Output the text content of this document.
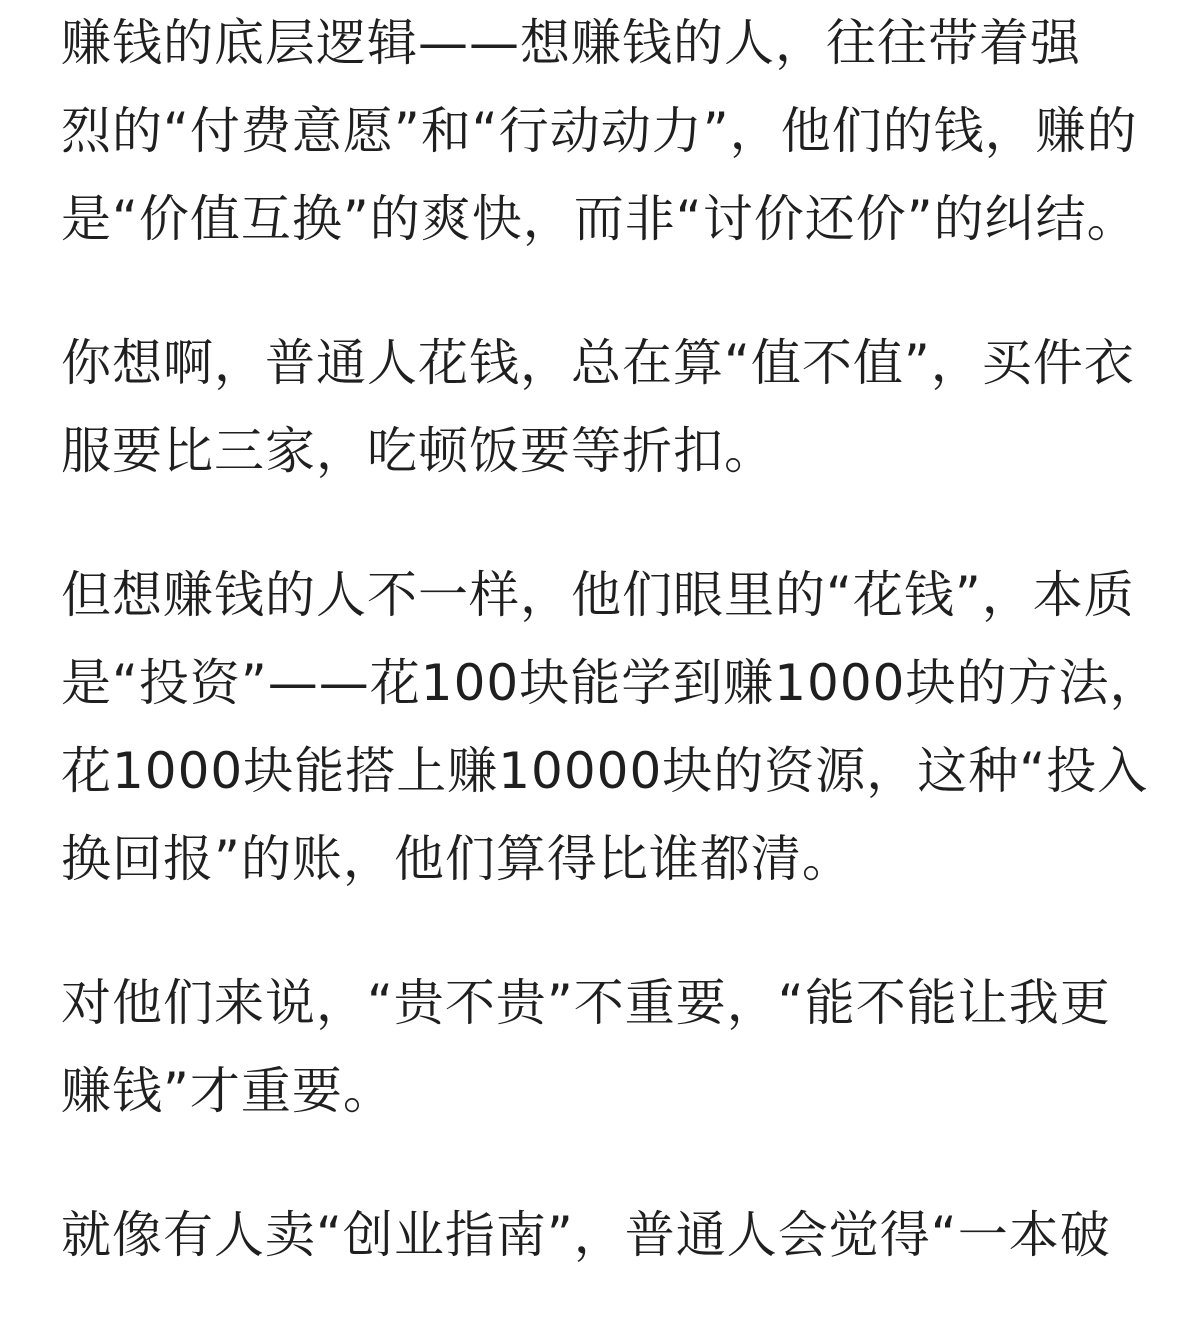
赚钱的底层逻辑——想赚钱的人，往往带着强
烈的“付费意愿”和“行动动力”，他们的钱，赚的
是“价值互换”的爽快，而非“讨价还价”的纠结。

你想啊，普通人花钱，总在算“值不值”，买件衣
服要比三家，吃顿饭要等折扣。

但想赚钱的人不一样，他们眼里的“花钱”，本质
是“投资”——花100块能学到赚1000块的方法，
花1000块能搭上赚10000块的资源，这种“投入
换回报”的账，他们算得比谁都清。

对他们来说，“贵不贵”不重要，“能不能让我更
赚钱”才重要。

就像有人卖“创业指南”，普通人会觉得“一本破
